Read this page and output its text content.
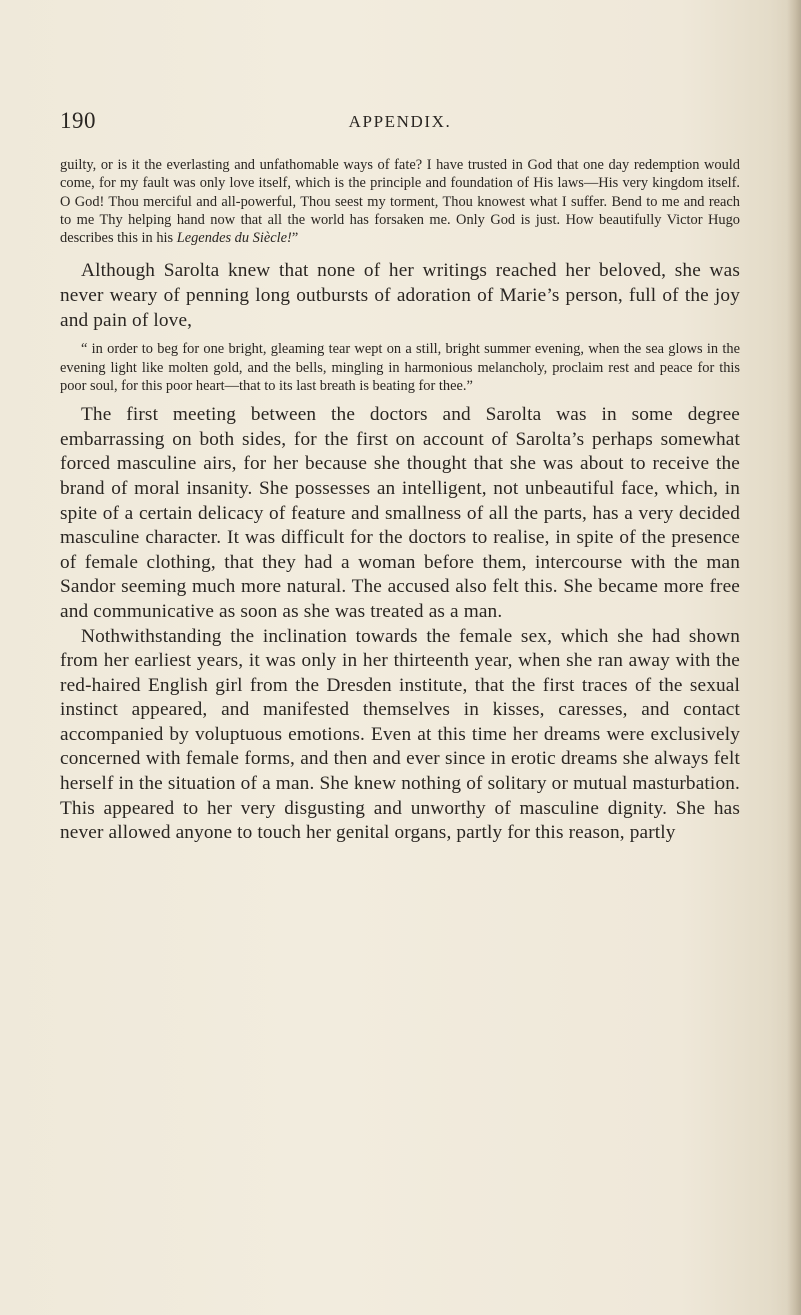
190	APPENDIX.

guilty, or is it the everlasting and unfathomable ways of fate? I have trusted in God that one day redemption would come, for my fault was only love itself, which is the principle and foundation of His laws—His very kingdom itself. O God! Thou merciful and all-powerful, Thou seest my torment, Thou knowest what I suffer. Bend to me and reach to me Thy helping hand now that all the world has forsaken me. Only God is just. How beautifully Victor Hugo describes this in his Legendes du Siècle!”

Although Sarolta knew that none of her writings reached her beloved, she was never weary of penning long outbursts of adoration of Marie’s person, full of the joy and pain of love,

“ in order to beg for one bright, gleaming tear wept on a still, bright summer evening, when the sea glows in the evening light like molten gold, and the bells, mingling in harmonious melancholy, proclaim rest and peace for this poor soul, for this poor heart—that to its last breath is beating for thee.”

The first meeting between the doctors and Sarolta was in some degree embarrassing on both sides, for the first on account of Sarolta’s perhaps somewhat forced masculine airs, for her because she thought that she was about to receive the brand of moral insanity. She possesses an intelligent, not unbeautiful face, which, in spite of a certain delicacy of feature and smallness of all the parts, has a very decided masculine character. It was difficult for the doctors to realise, in spite of the presence of female clothing, that they had a woman before them, intercourse with the man Sandor seeming much more natural. The accused also felt this. She became more free and communicative as soon as she was treated as a man.

Nothwithstanding the inclination towards the female sex, which she had shown from her earliest years, it was only in her thirteenth year, when she ran away with the red-haired English girl from the Dresden institute, that the first traces of the sexual instinct appeared, and manifested themselves in kisses, caresses, and contact accompanied by voluptuous emotions. Even at this time her dreams were exclusively concerned with female forms, and then and ever since in erotic dreams she always felt herself in the situation of a man. She knew nothing of solitary or mutual masturbation. This appeared to her very disgusting and unworthy of masculine dignity. She has never allowed anyone to touch her genital organs, partly for this reason, partly
